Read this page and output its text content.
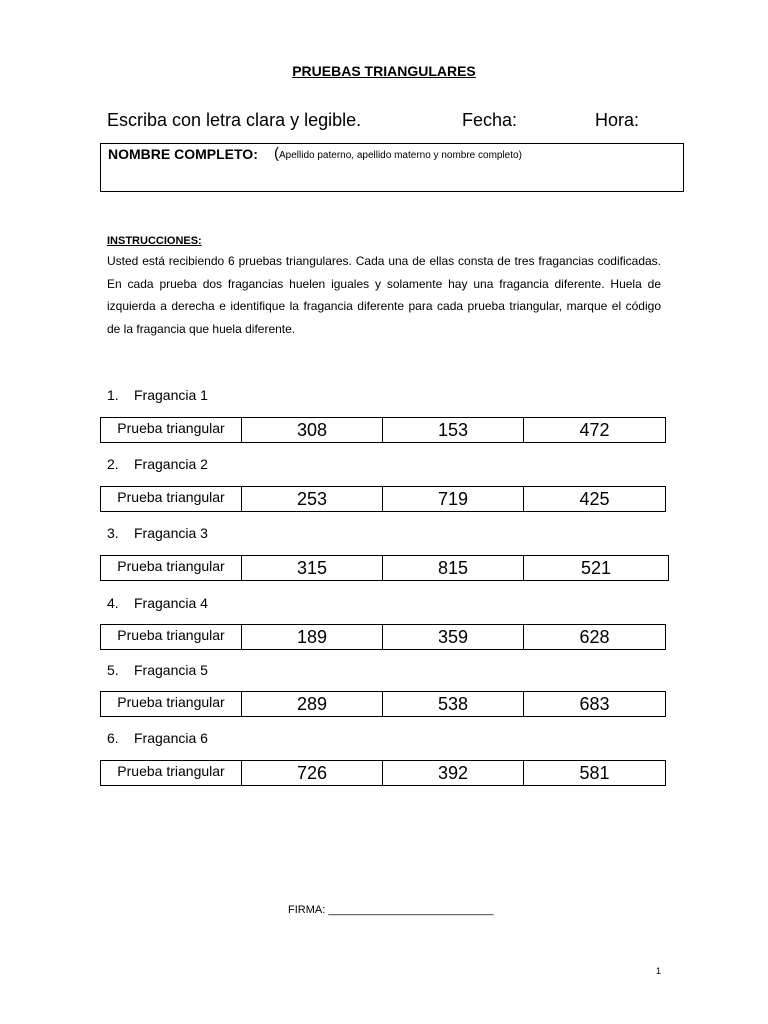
PRUEBAS TRIANGULARES
Escriba con letra clara y legible.	Fecha:	Hora:
NOMBRE COMPLETO: (Apellido paterno, apellido materno y nombre completo)
INSTRUCCIONES:
Usted está recibiendo 6 pruebas triangulares. Cada una de ellas consta de tres fragancias codificadas. En cada prueba dos fragancias huelen iguales y solamente hay una fragancia diferente. Huela de izquierda a derecha e identifique la fragancia diferente para cada prueba triangular, marque el código de la fragancia que huela diferente.
1. Fragancia 1
Prueba triangular	308	153	472
2. Fragancia 2
Prueba triangular	253	719	425
3. Fragancia 3
Prueba triangular	315	815	521
4. Fragancia 4
Prueba triangular	189	359	628
5. Fragancia 5
Prueba triangular	289	538	683
6. Fragancia 6
Prueba triangular	726	392	581
FIRMA: ___________________________
1
